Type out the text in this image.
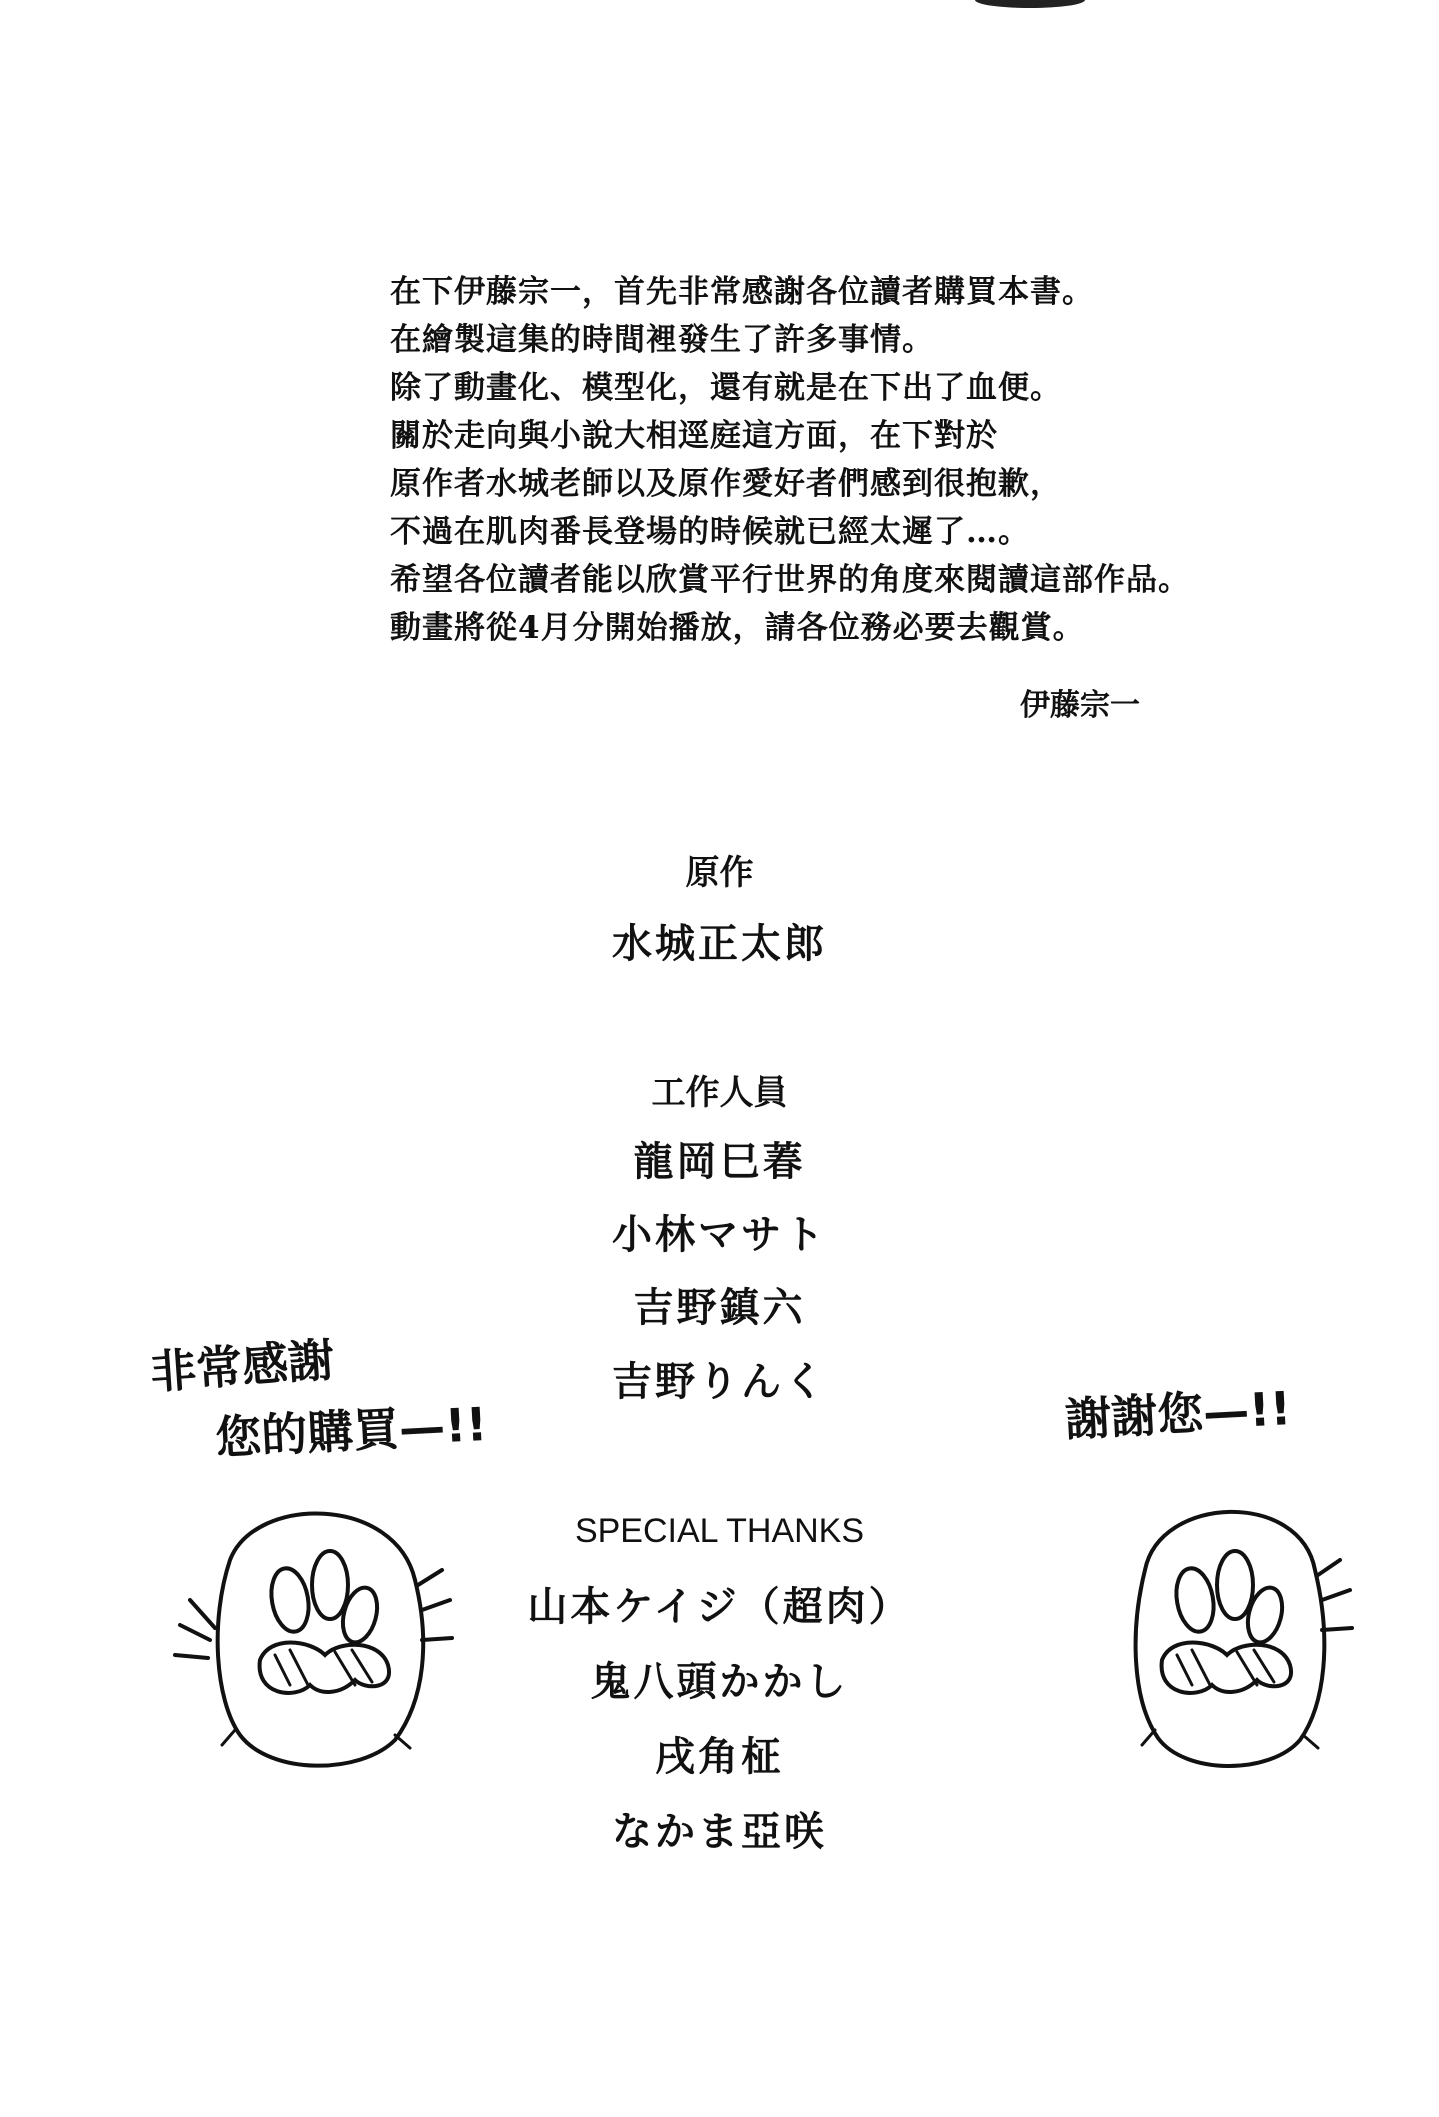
在下伊藤宗一，首先非常感謝各位讀者購買本書。
在繪製這集的時間裡發生了許多事情。
除了動畫化、模型化，還有就是在下出了血便。
關於走向與小說大相逕庭這方面，在下對於
原作者水城老師以及原作愛好者們感到很抱歉，
不過在肌肉番長登場的時候就已經太遲了…。
希望各位讀者能以欣賞平行世界的角度來閱讀這部作品。
動畫將從4月分開始播放，請各位務必要去觀賞。
伊藤宗一
原作
水城正太郎
工作人員
龍岡巳萶
小林マサト
吉野鎮六
吉野りんく
SPECIAL THANKS
山本ケイジ（超肉）
鬼八頭かかし
戌角柾
なかま亞咲
非常感謝
您的購買—!!	謝謝您—!!
